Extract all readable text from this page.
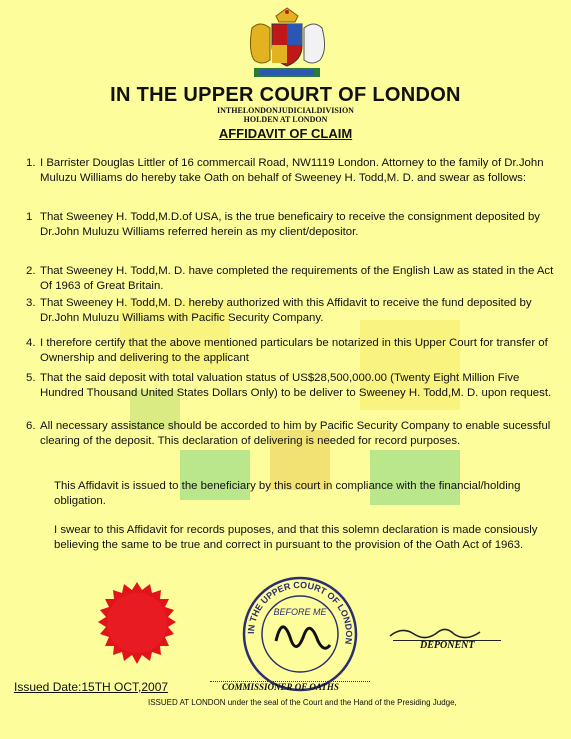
IN THE UPPER COURT OF LONDON
INTHELONDONJUDICIALDIVISION
HOLDEN AT LONDON
AFFIDAVIT OF CLAIM
1. I Barrister Douglas Littler of 16 commercail Road, NW1119 London. Attorney to the family of Dr.John Muluzu Williams do hereby take Oath on behalf of Sweeney H. Todd,M. D. and swear as follows:
1 That Sweeney H. Todd,M.D.of USA, is the true beneficairy to receive the consignment deposited by Dr.John Muluzu Williams referred herein as my client/depositor.
2. That Sweeney H. Todd,M. D. have completed the requirements of the English Law as stated in the Act Of 1963 of Great Britain.
3. That Sweeney H. Todd,M. D. hereby authorized with this Affidavit to receive the fund deposited by Dr.John Muluzu Williams with Pacific Security Company.
4. I therefore certify that the above mentioned particulars be notarized in this Upper Court for transfer of Ownership and delivering to the applicant
5. That the said deposit with total valuation status of US$28,500,000.00 (Twenty Eight Million Five Hundred Thousand United States Dollars Only) to be deliver to Sweeney H. Todd,M. D. upon request.
6. All necessary assistance should be accorded to him by Pacific Security Company to enable sucessful clearing of the deposit. This declaration of delivering is needed for record purposes.
This Affidavit is issued to the beneficiary by this court in compliance with the financial/holding obligation.
I swear to this Affidavit for records puposes, and that this solemn declaration is made consiously believing the same to be true and correct in pursuant to the provision of the Oath Act of 1963.
IN THE UPPER COURT OF LONDON
BEFORE ME
DEPONENT
Issued Date:15TH OCT,2007	COMMISSIONER OF OATHS
ISSUED AT LONDON under the seal of the Court and the Hand of the Presiding Judge,
